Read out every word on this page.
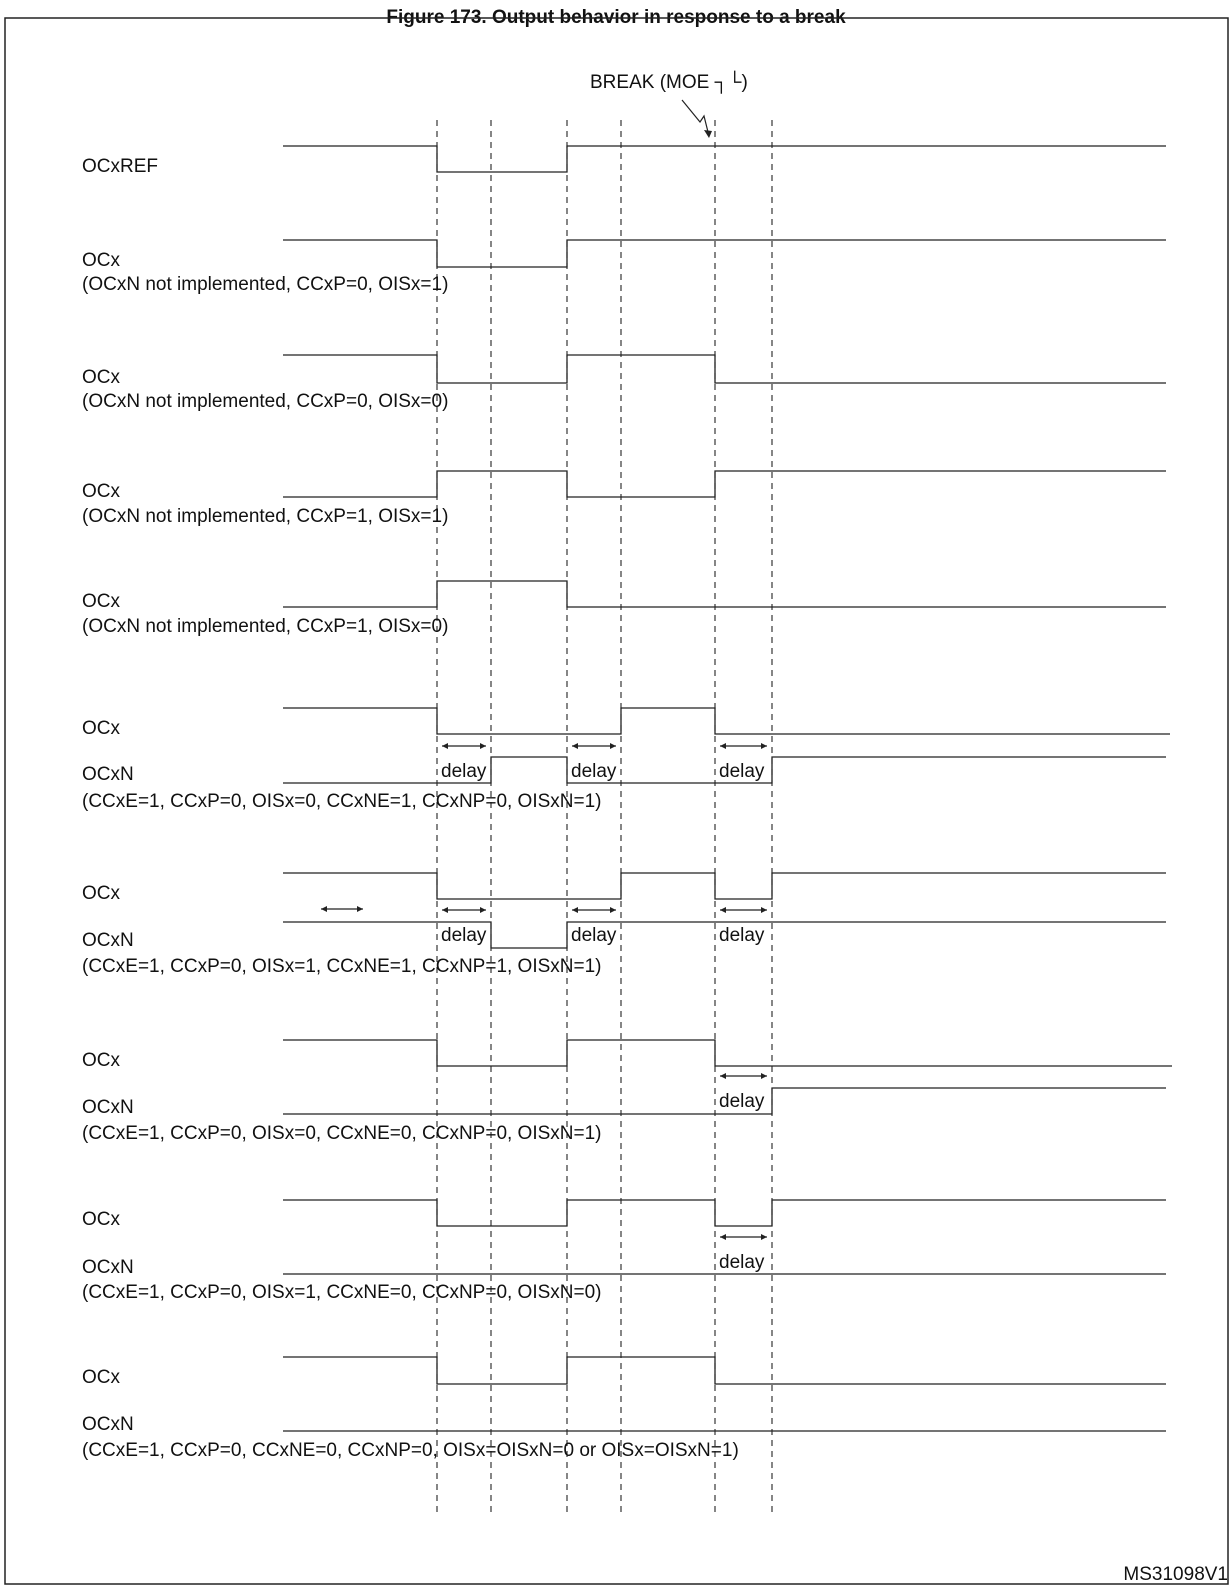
Figure 173. Output behavior in response to a break
OCxREF
OCx
(OCxN not implemented, CCxP=0, OISx=1)
OCx
(OCxN not implemented, CCxP=0, OISx=0)
OCx
(OCxN not implemented, CCxP=1, OISx=1)
OCx
(OCxN not implemented, CCxP=1, OISx=0)
OCx
OCxN
(CCxE=1, CCxP=0, OISx=0, CCxNE=1, CCxNP=0, OISxN=1)
OCx
OCxN
(CCxE=1, CCxP=0, OISx=1, CCxNE=1, CCxNP=1, OISxN=1)
OCx
OCxN
(CCxE=1, CCxP=0, OISx=0, CCxNE=0, CCxNP=0, OISxN=1)
OCx
OCxN
(CCxE=1, CCxP=0, OISx=1, CCxNE=0, CCxNP=0, OISxN=0)
OCx
OCxN
(CCxE=1, CCxP=0, CCxNE=0, CCxNP=0, OISx=OISxN=0 or OISx=OISxN=1)
delay	delay	delay
delay	delay	delay
delay
delay
BREAK (MOE ┐└)
MS31098V1
